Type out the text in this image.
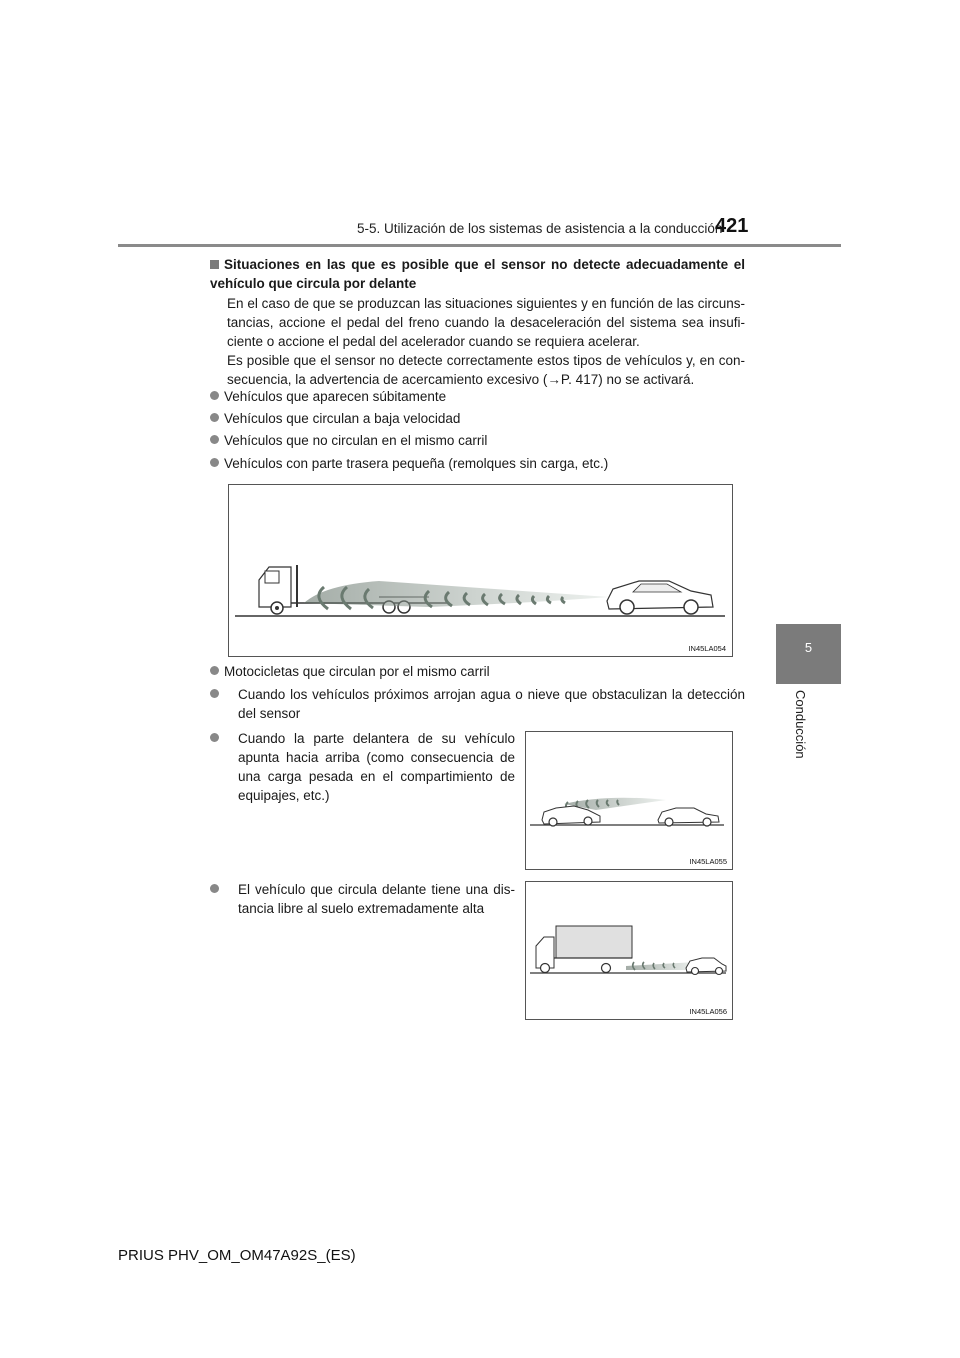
5-5. Utilización de los sistemas de asistencia a la conducción
421
5
Conducción
Situaciones en las que es posible que el sensor no detecte adecuadamente el vehículo que circula por delante
En el caso de que se produzcan las situaciones siguientes y en función de las circuns-tancias, accione el pedal del freno cuando la desaceleración del sistema sea insufi-ciente o accione el pedal del acelerador cuando se requiera acelerar.
Es posible que el sensor no detecte correctamente estos tipos de vehículos y, en con-secuencia, la advertencia de acercamiento excesivo (→P. 417) no se activará.
Vehículos que aparecen súbitamente
Vehículos que circulan a baja velocidad
Vehículos que no circulan en el mismo carril
Vehículos con parte trasera pequeña (remolques sin carga, etc.)
IN45LA054
Motocicletas que circulan por el mismo carril
Cuando los vehículos próximos arrojan agua o nieve que obstaculizan la detección del sensor
Cuando la parte delantera de su vehículo apunta hacia arriba (como consecuencia de una carga pesada en el compartimiento de equipajes, etc.)
IN45LA055
El vehículo que circula delante tiene una dis-tancia libre al suelo extremadamente alta
IN45LA056
PRIUS PHV_OM_OM47A92S_(ES)
